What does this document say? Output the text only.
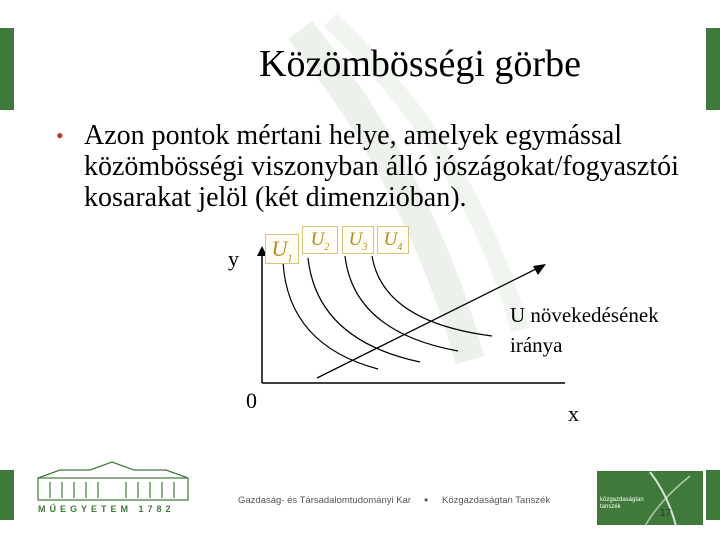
Közömbösségi görbe
• Azon pontok mértani helye, amelyek egymással közömbösségi viszonyban álló jószágokat/fogyasztói kosarakat jelöl (két dimenzióban).
y
x
0
$U_1$
$U_2$	$U_3$ $U_4$
U növekedésének
iránya
MŰEGYETEM 1782
Gazdaság- és Társadalomtudományi Kar • Közgazdaságtan Tanszék	közgazdaságtan tanszék
17
